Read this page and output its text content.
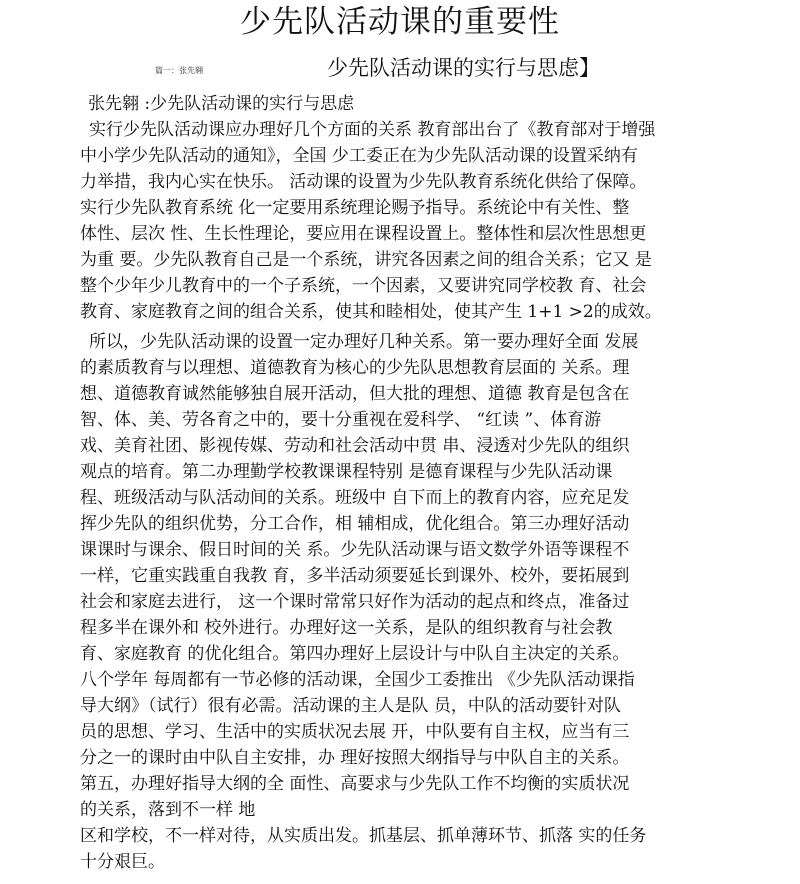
少先队活动课的重要性
篇一：张先翱	少先队活动课的实行与思虑】
张先翱 :少先队活动课的实行与思虑
实行少先队活动课应办理好几个方面的关系 教育部出台了《教育部对于增强
中小学少先队活动的通知》，全国 少工委正在为少先队活动课的设置采纳有
力举措，我内心实在快乐。 活动课的设置为少先队教育系统化供给了保障。
实行少先队教育系统 化一定要用系统理论赐予指导。系统论中有关性、整
体性、层次 性、生长性理论，要应用在课程设置上。整体性和层次性思想更
为重 要。少先队教育自己是一个系统，讲究各因素之间的组合关系；它又 是
整个少年少儿教育中的一个子系统，一个因素，又要讲究同学校教 育、社会
教育、家庭教育之间的组合关系，使其和睦相处，使其产生 1+1 >2的成效。
所以，少先队活动课的设置一定办理好几种关系。第一要办理好全面 发展
的素质教育与以理想、道德教育为核心的少先队思想教育层面的 关系。理
想、道德教育诚然能够独自展开活动，但大批的理想、道德 教育是包含在
智、体、美、劳各育之中的，要十分重视在爱科学、 “红读 ”、体育游
戏、美育社团、影视传媒、劳动和社会活动中贯 串、浸透对少先队的组织
观点的培育。第二办理勤学校教课课程特别 是德育课程与少先队活动课
程、班级活动与队活动间的关系。班级中 自下而上的教育内容，应充足发
挥少先队的组织优势，分工合作，相 辅相成，优化组合。第三办理好活动
课课时与课余、假日时间的关 系。少先队活动课与语文数学外语等课程不
一样，它重实践重自我教 育，多半活动须要延长到课外、校外，要拓展到
社会和家庭去进行， 这一个课时常常只好作为活动的起点和终点，准备过
程多半在课外和 校外进行。办理好这一关系，是队的组织教育与社会教
育、家庭教育 的优化组合。第四办理好上层设计与中队自主决定的关系。
八个学年 每周都有一节必修的活动课，全国少工委推出 《少先队活动课指
导大纲》（试行）很有必需。活动课的主人是队 员，中队的活动要针对队
员的思想、学习、生活中的实质状况去展 开，中队要有自主权，应当有三
分之一的课时由中队自主安排，办 理好按照大纲指导与中队自主的关系。
第五，办理好指导大纲的全 面性、高要求与少先队工作不均衡的实质状况
的关系，落到不一样 地
区和学校，不一样对待，从实质出发。抓基层、抓单薄环节、抓落 实的任务
十分艰巨。
